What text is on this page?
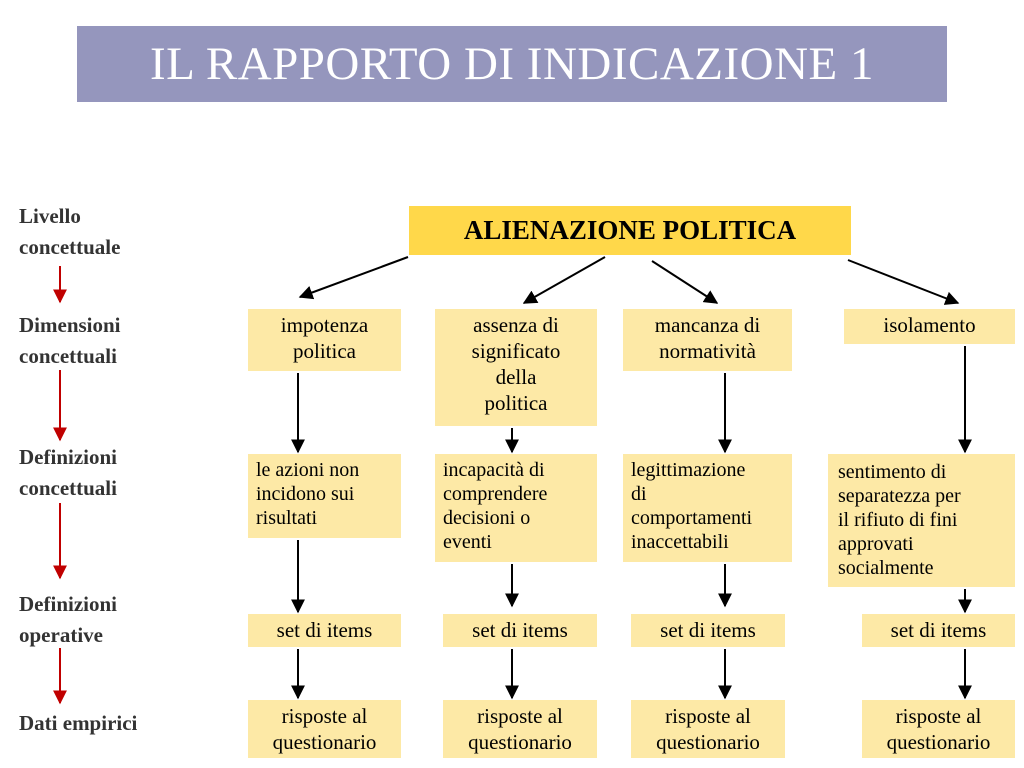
IL RAPPORTO DI INDICAZIONE 1
Livello
concettuale
Dimensioni
concettuali
Definizioni
concettuali
Definizioni
operative
Dati empirici
ALIENAZIONE POLITICA
impotenza
politica
assenza di
significato
della
politica
mancanza di
normatività
isolamento
le azioni non
incidono sui
risultati
incapacità di
comprendere
decisioni o
eventi
legittimazione
di
comportamenti
inaccettabili
sentimento di
separatezza per
il rifiuto di fini
approvati
socialmente
set di items	set di items	set di items	set di items
risposte al
questionario
risposte al
questionario
risposte al
questionario
risposte al
questionario
